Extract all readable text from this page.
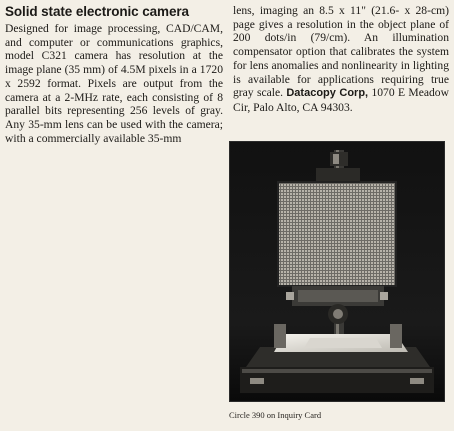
Solid state electronic camera

Designed for image processing, CAD/CAM, and computer or communications graphics, model C321 camera has resolution at the image plane (35 mm) of 4.5M pixels in a 1720 x 2592 format. Pixels are output from the camera at a 2-MHz rate, each consisting of 8 parallel bits representing 256 levels of gray. Any 35-mm lens can be used with the camera; with a commercially available 35-mm

lens, imaging an 8.5 x 11" (21.6- x 28-cm) page gives a resolution in the object plane of 200 dots/in (79/cm). An illumination compensator option that calibrates the system for lens anomalies and nonlinearity in lighting is available for applications requiring true gray scale. Datacopy Corp, 1070 E Meadow Cir, Palo Alto, CA 94303.

Circle 390 on Inquiry Card
